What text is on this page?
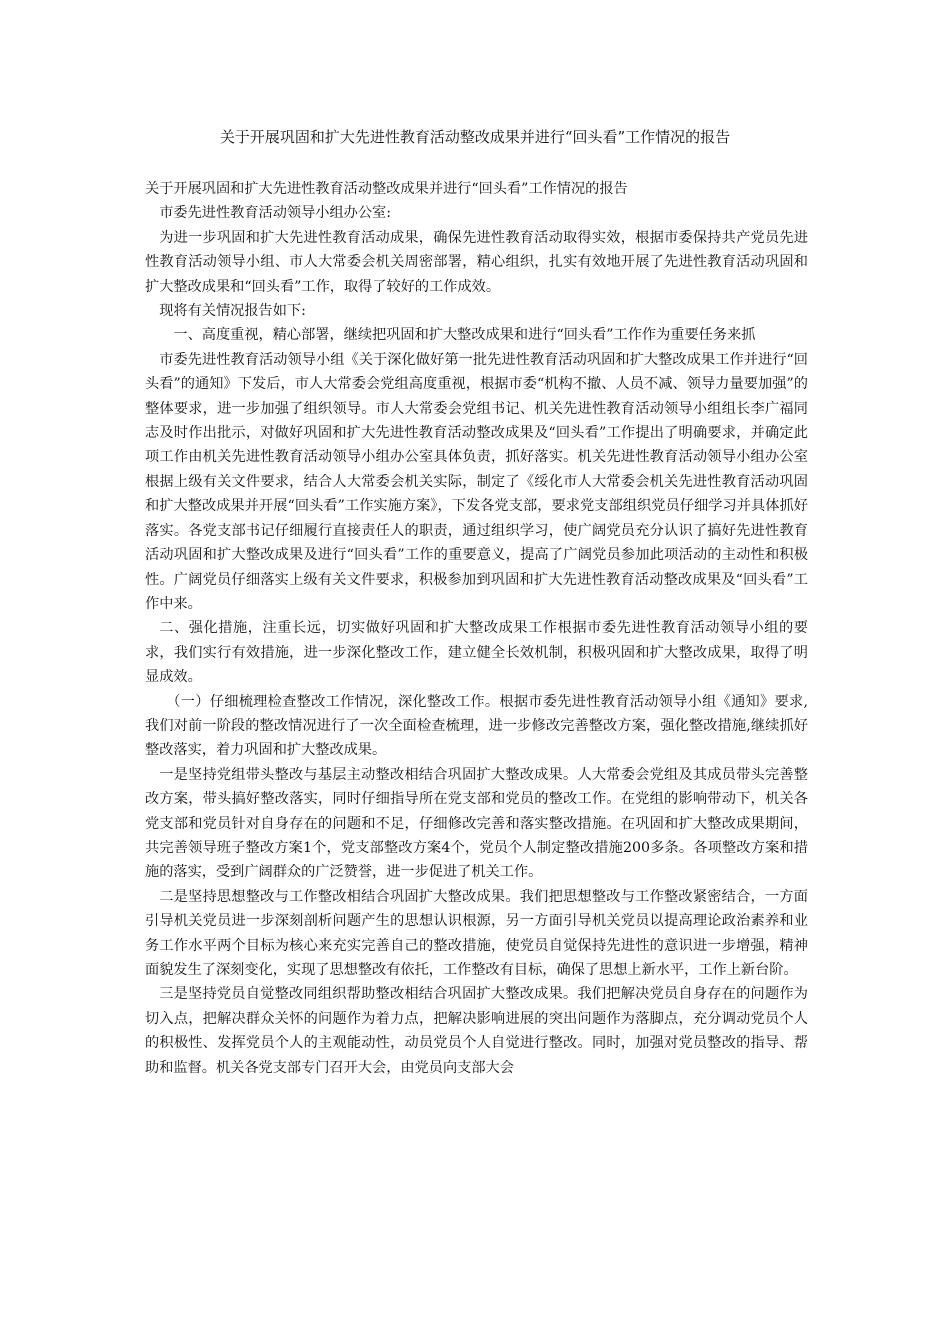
关于开展巩固和扩大先进性教育活动整改成果并进行“回头看”工作情况的报告

关于开展巩固和扩大先进性教育活动整改成果并进行“回头看”工作情况的报告

市委先进性教育活动领导小组办公室:

为进一步巩固和扩大先进性教育活动成果，确保先进性教育活动取得实效，根据市委保持共产党员先进性教育活动领导小组、市人大常委会机关周密部署，精心组织，扎实有效地开展了先进性教育活动巩固和扩大整改成果和“回头看”工作，取得了较好的工作成效。

现将有关情况报告如下:

一、高度重视，精心部署，继续把巩固和扩大整改成果和进行“回头看”工作作为重要任务来抓

市委先进性教育活动领导小组《关于深化做好第一批先进性教育活动巩固和扩大整改成果工作并进行“回头看”的通知》下发后，市人大常委会党组高度重视，根据市委“机构不撤、人员不减、领导力量要加强”的整体要求，进一步加强了组织领导。市人大常委会党组书记、机关先进性教育活动领导小组组长李广福同志及时作出批示，对做好巩固和扩大先进性教育活动整改成果及“回头看”工作提出了明确要求，并确定此项工作由机关先进性教育活动领导小组办公室具体负责，抓好落实。机关先进性教育活动领导小组办公室根据上级有关文件要求，结合人大常委会机关实际，制定了《绥化市人大常委会机关先进性教育活动巩固和扩大整改成果并开展“回头看”工作实施方案》，下发各党支部，要求党支部组织党员仔细学习并具体抓好落实。各党支部书记仔细履行直接责任人的职责，通过组织学习，使广阔党员充分认识了搞好先进性教育活动巩固和扩大整改成果及进行“回头看”工作的重要意义，提高了广阔党员参加此项活动的主动性和积极性。广阔党员仔细落实上级有关文件要求，积极参加到巩固和扩大先进性教育活动整改成果及“回头看”工作中来。

二、强化措施，注重长远，切实做好巩固和扩大整改成果工作根据市委先进性教育活动领导小组的要求，我们实行有效措施，进一步深化整改工作，建立健全长效机制，积极巩固和扩大整改成果，取得了明显成效。

（一）仔细梳理检查整改工作情况，深化整改工作。根据市委先进性教育活动领导小组《通知》要求,我们对前一阶段的整改情况进行了一次全面检查梳理，进一步修改完善整改方案，强化整改措施,继续抓好整改落实，着力巩固和扩大整改成果。

一是坚持党组带头整改与基层主动整改相结合巩固扩大整改成果。人大常委会党组及其成员带头完善整改方案，带头搞好整改落实，同时仔细指导所在党支部和党员的整改工作。在党组的影响带动下，机关各党支部和党员针对自身存在的问题和不足，仔细修改完善和落实整改措施。在巩固和扩大整改成果期间，共完善领导班子整改方案1个，党支部整改方案4个，党员个人制定整改措施200多条。各项整改方案和措施的落实，受到广阔群众的广泛赞誉，进一步促进了机关工作。

二是坚持思想整改与工作整改相结合巩固扩大整改成果。我们把思想整改与工作整改紧密结合，一方面引导机关党员进一步深刻剖析问题产生的思想认识根源，另一方面引导机关党员以提高理论政治素养和业务工作水平两个目标为核心来充实完善自己的整改措施，使党员自觉保持先进性的意识进一步增强，精神面貌发生了深刻变化，实现了思想整改有依托，工作整改有目标，确保了思想上新水平，工作上新台阶。

三是坚持党员自觉整改同组织帮助整改相结合巩固扩大整改成果。我们把解决党员自身存在的问题作为切入点，把解决群众关怀的问题作为着力点，把解决影响进展的突出问题作为落脚点，充分调动党员个人的积极性、发挥党员个人的主观能动性，动员党员个人自觉进行整改。同时，加强对党员整改的指导、帮助和监督。机关各党支部专门召开大会，由党员向支部大会
